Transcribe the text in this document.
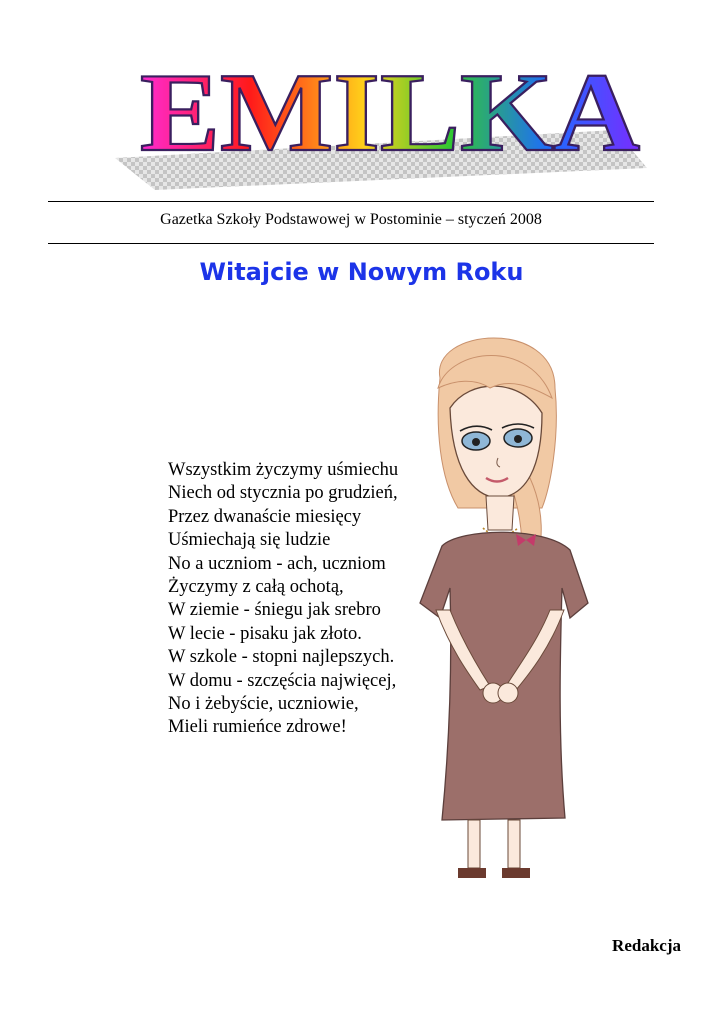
EMILKA
Gazetka Szkoły Podstawowej w Postominie – styczeń 2008
Witajcie w Nowym Roku
Wszystkim życzymy uśmiechu
Niech od stycznia po grudzień,
Przez dwanaście miesięcy
Uśmiechają się ludzie
No a uczniom - ach, uczniom
Życzymy z całą ochotą,
W ziemie - śniegu jak srebro
W lecie - pisaku jak złoto.
W szkole - stopni najlepszych.
W domu - szczęścia najwięcej,
No i żebyście, uczniowie,
Mieli rumieńce zdrowe!
Redakcja
